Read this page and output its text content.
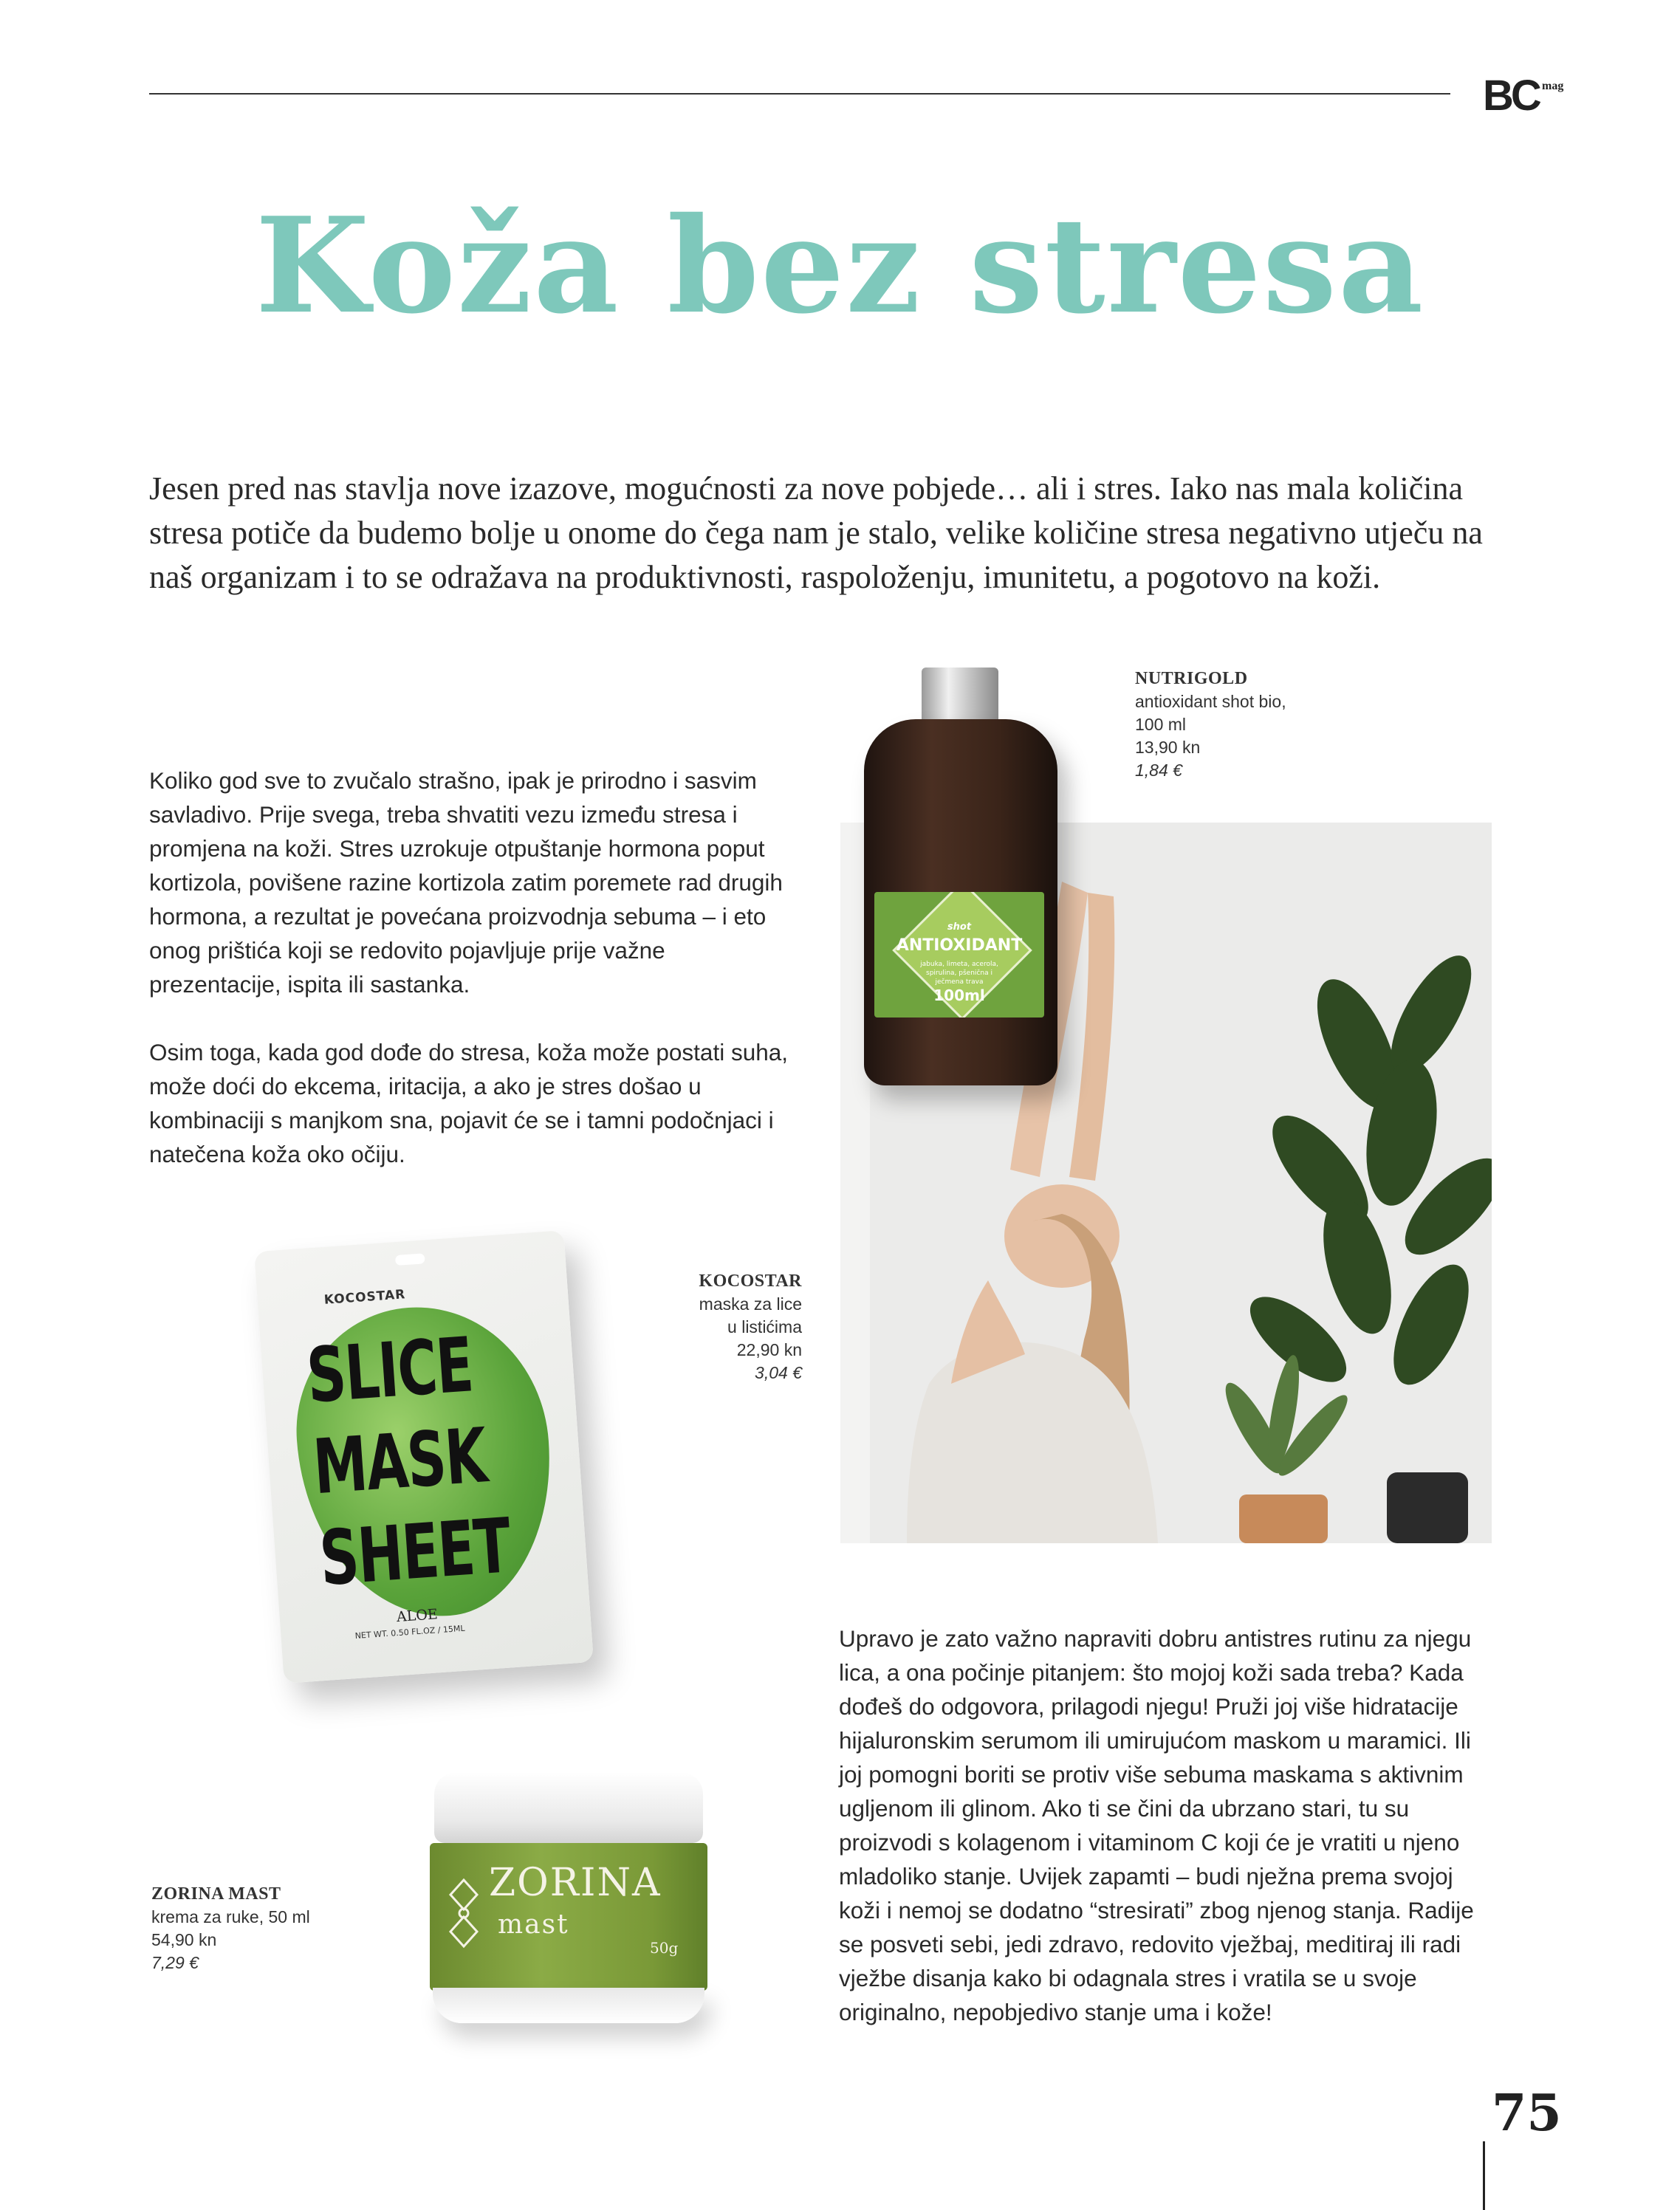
BC mag
Koža bez stresa
Jesen pred nas stavlja nove izazove, mogućnosti za nove pobjede… ali i stres. Iako nas mala količina stresa potiče da budemo bolje u onome do čega nam je stalo, velike količine stresa negativno utječu na naš organizam i to se odražava na produktivnosti, raspoloženju, imunitetu, a pogotovo na koži.

Koliko god sve to zvučalo strašno, ipak je prirodno i sasvim savladivo. Prije svega, treba shvatiti vezu između stresa i promjena na koži. Stres uzrokuje otpuštanje hormona poput kortizola, povišene razine kortizola zatim poremete rad drugih hormona, a rezultat je povećana proizvodnja sebuma – i eto onog prištića koji se redovito pojavljuje prije važne prezentacije, ispita ili sastanka.

Osim toga, kada god dođe do stresa, koža može postati suha, može doći do ekcema, iritacija, a ako je stres došao u kombinaciji s manjkom sna, pojavit će se i tamni podočnjaci i natečena koža oko očiju.

shot
ANTIOXIDANT
jabuka, limeta, acerola, spirulina, pšenična i ječmena trava
100ml
NUTRIGOLD
antioxidant shot bio,
100 ml
13,90 kn
1,84 €
KOCOSTAR
SLICE
MASK
SHEET
ALOE
NET WT. 0.50 FL.OZ / 15ML
KOCOSTAR
maska za lice
u listićima
22,90 kn
3,04 €

Upravo je zato važno napraviti dobru antistres rutinu za njegu lica, a ona počinje pitanjem: što mojoj koži sada treba? Kada dođeš do odgovora, prilagodi njegu! Pruži joj više hidratacije hijaluronskim serumom ili umirujućom maskom u maramici. Ili joj pomogni boriti se protiv više sebuma maskama s aktivnim ugljenom ili glinom. Ako ti se čini da ubrzano stari, tu su proizvodi s kolagenom i vitaminom C koji će je vratiti u njeno mladoliko stanje. Uvijek zapamti – budi nježna prema svojoj koži i nemoj se dodatno “stresirati” zbog njenog stanja. Radije se posveti sebi, jedi zdravo, redovito vježbaj, meditiraj ili radi vježbe disanja kako bi odagnala stres i vratila se u svoje originalno, nepobjedivo stanje uma i kože!

ZORINA
mast
50g
ZORINA MAST
krema za ruke, 50 ml
54,90 kn
7,29 €
75
